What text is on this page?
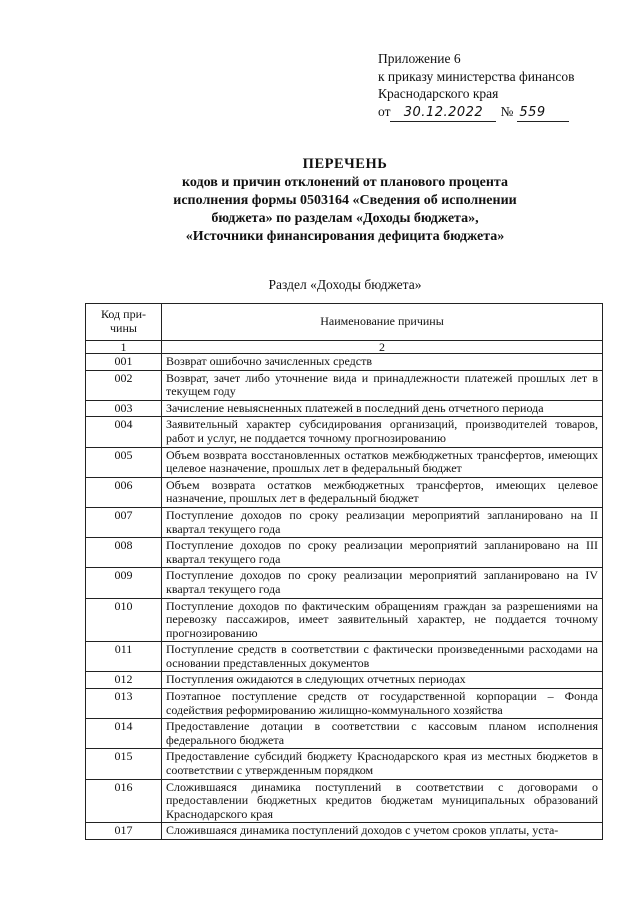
Приложение 6
к приказу министерства финансов
Краснодарского края
от 30.12.2022 № 559
ПЕРЕЧЕНЬ
кодов и причин отклонений от планового процента
исполнения формы 0503164 «Сведения об исполнении
бюджета» по разделам «Доходы бюджета»,
«Источники финансирования дефицита бюджета»
Раздел «Доходы бюджета»
Код при-чины	Наименование причины
1	2
001	Возврат ошибочно зачисленных средств
002	Возврат, зачет либо уточнение вида и принадлежности платежей прошлых лет в текущем году
003	Зачисление невыясненных платежей в последний день отчетного периода
004	Заявительный характер субсидирования организаций, производителей товаров, работ и услуг, не поддается точному прогнозированию
005	Объем возврата восстановленных остатков межбюджетных трансфертов, имеющих целевое назначение, прошлых лет в федеральный бюджет
006	Объем возврата остатков межбюджетных трансфертов, имеющих целевое назначение, прошлых лет в федеральный бюджет
007	Поступление доходов по сроку реализации мероприятий запланировано на II квартал текущего года
008	Поступление доходов по сроку реализации мероприятий запланировано на III квартал текущего года
009	Поступление доходов по сроку реализации мероприятий запланировано на IV квартал текущего года
010	Поступление доходов по фактическим обращениям граждан за разрешениями на перевозку пассажиров, имеет заявительный характер, не поддается точному прогнозированию
011	Поступление средств в соответствии с фактически произведенными расходами на основании представленных документов
012	Поступления ожидаются в следующих отчетных периодах
013	Поэтапное поступление средств от государственной корпорации – Фонда содействия реформированию жилищно-коммунального хозяйства
014	Предоставление дотации в соответствии с кассовым планом исполнения федерального бюджета
015	Предоставление субсидий бюджету Краснодарского края из местных бюджетов в соответствии с утвержденным порядком
016	Сложившаяся динамика поступлений в соответствии с договорами о предоставлении бюджетных кредитов бюджетам муниципальных образований Краснодарского края
017	Сложившаяся динамика поступлений доходов с учетом сроков уплаты, уста-
